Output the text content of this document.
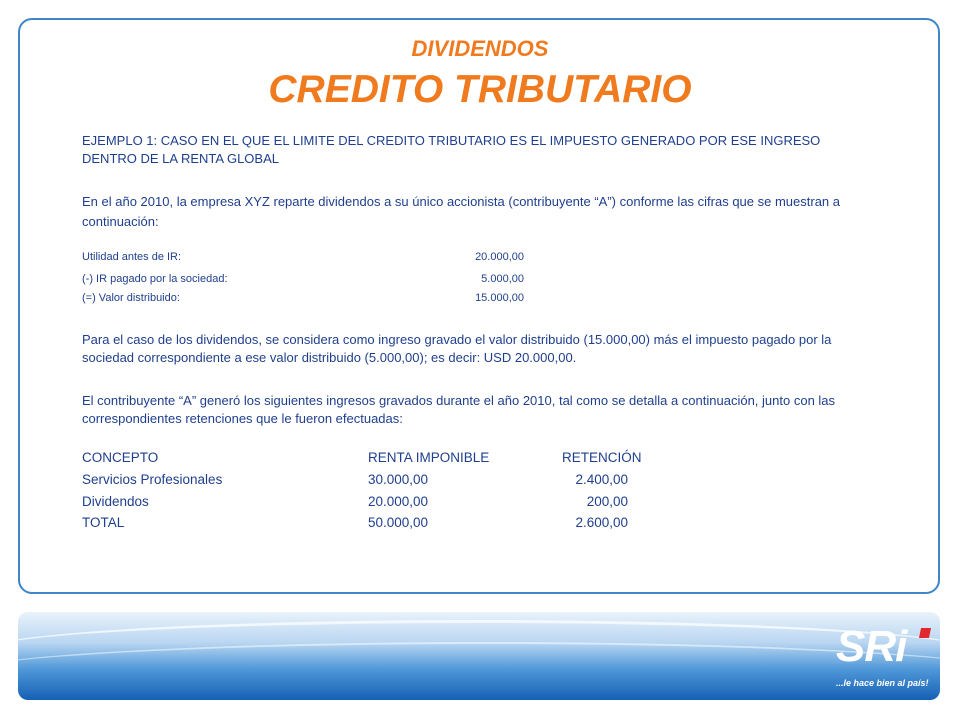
DIVIDENDOS
CREDITO TRIBUTARIO
EJEMPLO 1: CASO EN EL QUE EL LIMITE DEL CREDITO TRIBUTARIO ES EL IMPUESTO GENERADO POR ESE INGRESO DENTRO DE LA RENTA GLOBAL
En el año 2010, la empresa XYZ reparte dividendos a su único accionista (contribuyente “A”) conforme las cifras que se muestran a continuación:
Utilidad antes de IR:	20.000,00
(-) IR pagado por la sociedad:	5.000,00
(=) Valor distribuido:	15.000,00
Para el caso de los dividendos, se considera como ingreso gravado el valor distribuido (15.000,00) más el impuesto pagado por la sociedad correspondiente a ese valor distribuido (5.000,00); es decir: USD 20.000,00.
El contribuyente “A” generó los siguientes ingresos gravados durante el año 2010, tal como se detalla a continuación, junto con las correspondientes retenciones que le fueron efectuadas:
CONCEPTO	RENTA IMPONIBLE	RETENCIÓN
Servicios Profesionales	30.000,00	2.400,00
Dividendos	20.000,00	200,00
TOTAL	50.000,00	2.600,00
SRi
...le hace bien al país!
